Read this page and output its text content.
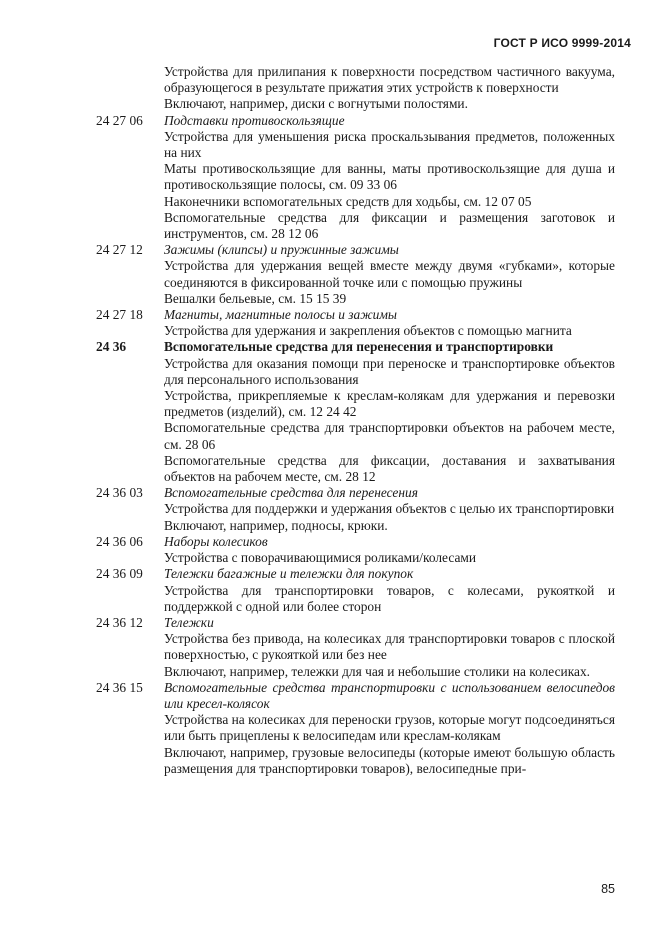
ГОСТ Р ИСО 9999-2014
Устройства для прилипания к поверхности посредством частичного вакуума, образующегося в результате прижатия этих устройств к поверхности
Включают, например, диски с вогнутыми полостями.
24 27 06 Подставки противоскользящие
Устройства для уменьшения риска проскальзывания предметов, положенных на них
Маты противоскользящие для ванны, маты противоскользящие для душа и противоскользящие полосы, см. 09 33 06
Наконечники вспомогательных средств для ходьбы, см. 12 07 05
Вспомогательные средства для фиксации и размещения заготовок и инструментов, см. 28 12 06
24 27 12 Зажимы (клипсы) и пружинные зажимы
Устройства для удержания вещей вместе между двумя «губками», которые соединяются в фиксированной точке или с помощью пружины
Вешалки бельевые, см. 15 15 39
24 27 18 Магниты, магнитные полосы и зажимы
Устройства для удержания и закрепления объектов с помощью магнита
24 36	Вспомогательные средства для перенесения и транспортировки
Устройства для оказания помощи при переноске и транспортировке объектов для персонального использования
Устройства, прикрепляемые к креслам-колякам для удержания и перевозки предметов (изделий), см. 12 24 42
Вспомогательные средства для транспортировки объектов на рабочем месте, см. 28 06
Вспомогательные средства для фиксации, доставания и захватывания объектов на рабочем месте, см. 28 12
24 36 03 Вспомогательные средства для перенесения
Устройства для поддержки и удержания объектов с целью их транспортировки
Включают, например, подносы, крюки.
24 36 06 Наборы колесиков
Устройства с поворачивающимися роликами/колесами
24 36 09 Тележки багажные и тележки для покупок
Устройства для транспортировки товаров, с колесами, рукояткой и поддержкой с одной или более сторон
24 36 12 Тележки
Устройства без привода, на колесиках для транспортировки товаров с плоской поверхностью, с рукояткой или без нее
Включают, например, тележки для чая и небольшие столики на колесиках.
24 36 15 Вспомогательные средства транспортировки с использованием велосипедов или кресел-колясок
Устройства на колесиках для переноски грузов, которые могут подсоединяться или быть прицеплены к велосипедам или креслам-колякам
Включают, например, грузовые велосипеды (которые имеют большую область размещения для транспортировки товаров), велосипедные при-
85
